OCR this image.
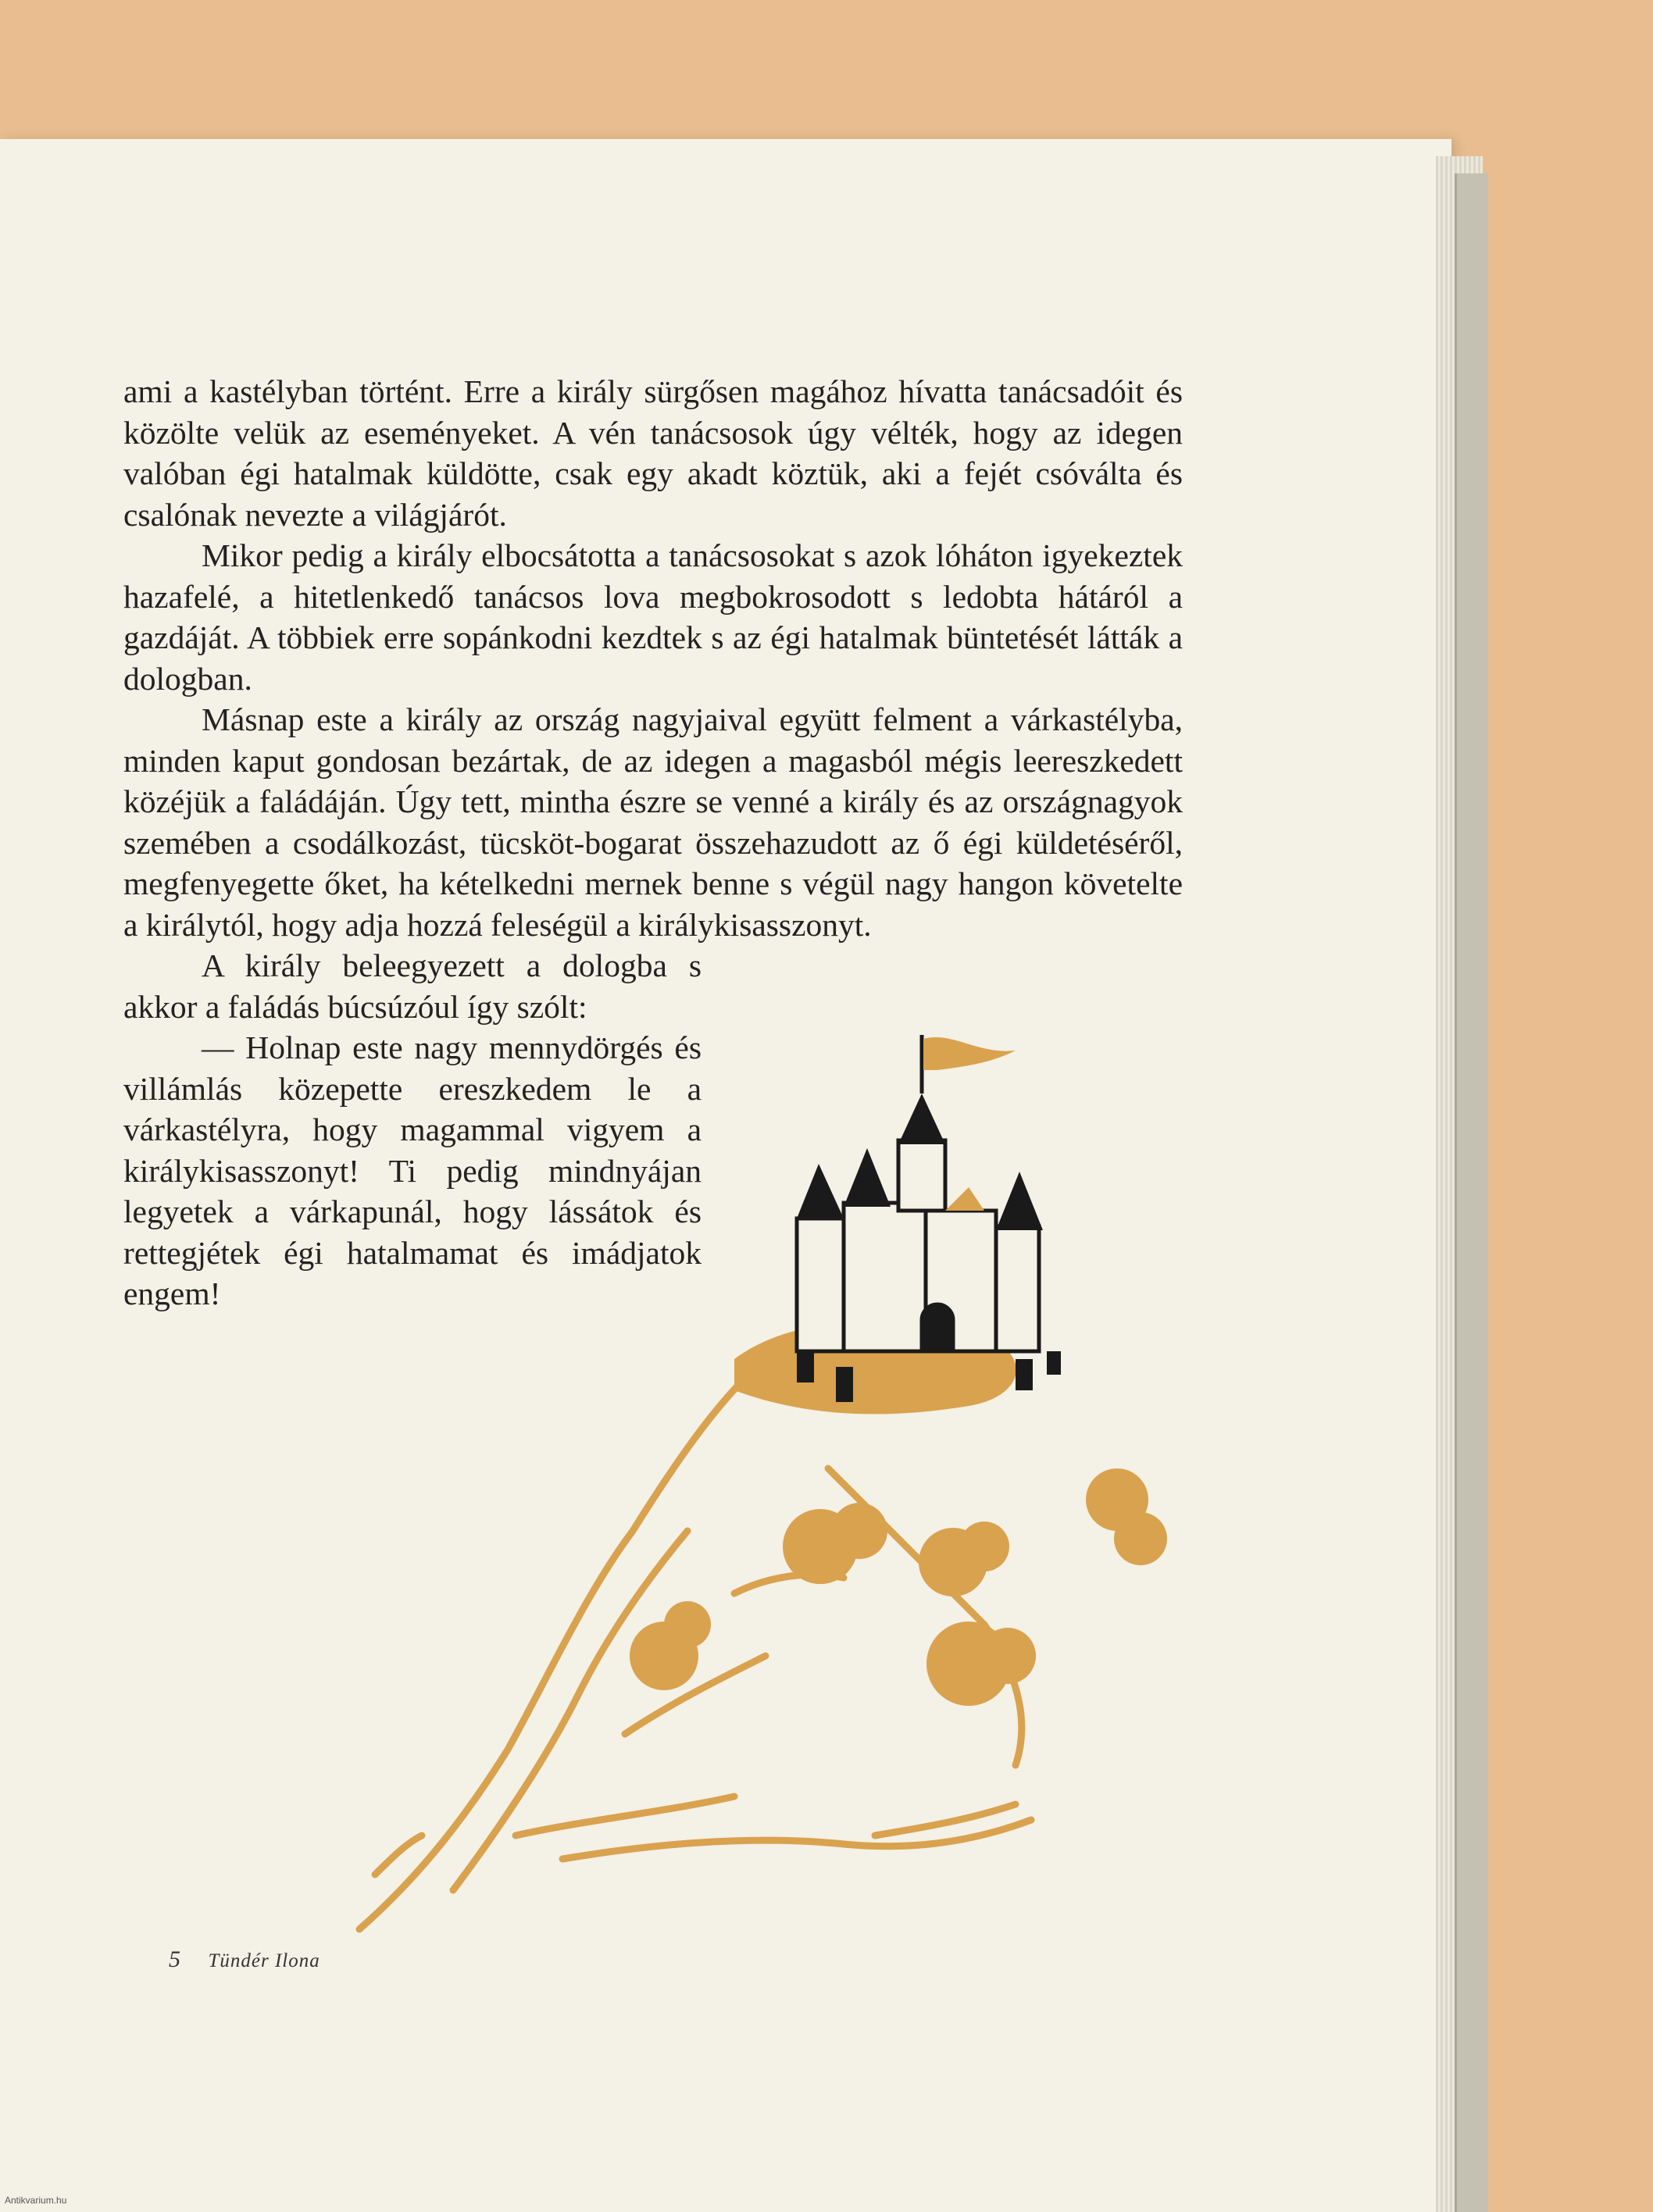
ami a kastélyban történt. Erre a király sürgősen magához hívatta tanácsadóit és közölte velük az eseményeket. A vén tanácsosok úgy vélték, hogy az idegen valóban égi hatalmak küldötte, csak egy akadt köztük, aki a fejét csóválta és csalónak nevezte a világjárót.

Mikor pedig a király elbocsátotta a tanácsosokat s azok lóháton igyekeztek hazafelé, a hitetlenkedő tanácsos lova megbokrosodott s ledobta hátáról a gazdáját. A többiek erre sopánkodni kezdtek s az égi hatalmak büntetését látták a dologban.

Másnap este a király az ország nagyjaival együtt felment a várkastélyba, minden kaput gondosan bezártak, de az idegen a magasból mégis leereszkedett közéjük a faládáján. Úgy tett, mintha észre se venné a király és az országnagyok szemében a csodálkozást, tücsköt-bogarat összehazudott az ő égi küldetéséről, megfenyegette őket, ha kételkedni mernek benne s végül nagy hangon követelte a királytól, hogy adja hozzá feleségül a királykisasszonyt.

A király beleegyezett a dologba s akkor a faládás búcsúzóul így szólt:

— Holnap este nagy mennydörgés és villámlás közepette ereszkedem le a várkastélyra, hogy magammal vigyem a királykisasszonyt! Ti pedig mindnyájan legyetek a várkapunál, hogy lássátok és rettegjétek égi hatalmamat és imádjatok engem!

5 Tündér Ilona
Antikvarium.hu
